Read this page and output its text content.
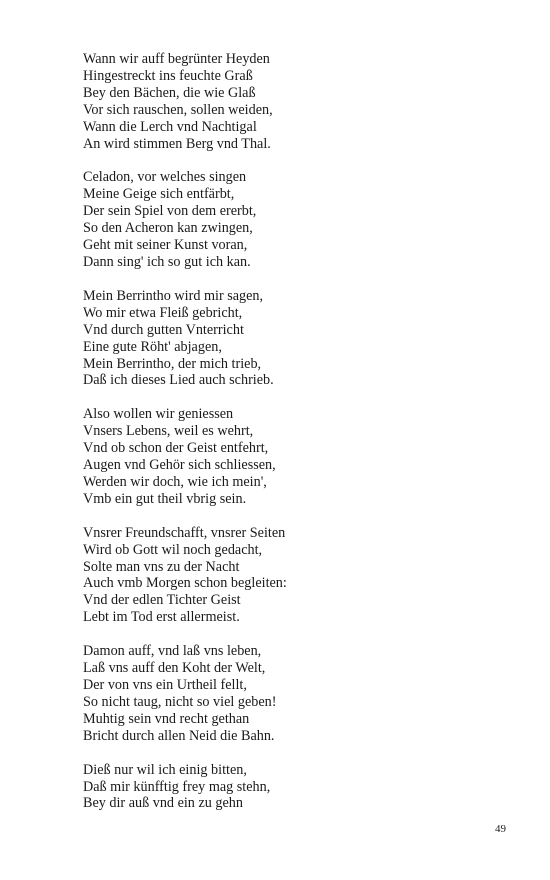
Wann wir auff begrünter Heyden
Hingestreckt ins feuchte Graß
Bey den Bächen, die wie Glaß
Vor sich rauschen, sollen weiden,
Wann die Lerch vnd Nachtigal
An wird stimmen Berg vnd Thal.
Celadon, vor welches singen
Meine Geige sich entfärbt,
Der sein Spiel von dem ererbt,
So den Acheron kan zwingen,
Geht mit seiner Kunst voran,
Dann sing' ich so gut ich kan.
Mein Berrintho wird mir sagen,
Wo mir etwa Fleiß gebricht,
Vnd durch gutten Vnterricht
Eine gute Röht' abjagen,
Mein Berrintho, der mich trieb,
Daß ich dieses Lied auch schrieb.
Also wollen wir geniessen
Vnsers Lebens, weil es wehrt,
Vnd ob schon der Geist entfehrt,
Augen vnd Gehör sich schliessen,
Werden wir doch, wie ich mein',
Vmb ein gut theil vbrig sein.
Vnsrer Freundschafft, vnsrer Seiten
Wird ob Gott wil noch gedacht,
Solte man vns zu der Nacht
Auch vmb Morgen schon begleiten:
Vnd der edlen Tichter Geist
Lebt im Tod erst allermeist.
Damon auff, vnd laß vns leben,
Laß vns auff den Koht der Welt,
Der von vns ein Urtheil fellt,
So nicht taug, nicht so viel geben!
Muhtig sein vnd recht gethan
Bricht durch allen Neid die Bahn.
Dieß nur wil ich einig bitten,
Daß mir künfftig frey mag stehn,
Bey dir auß vnd ein zu gehn
49
